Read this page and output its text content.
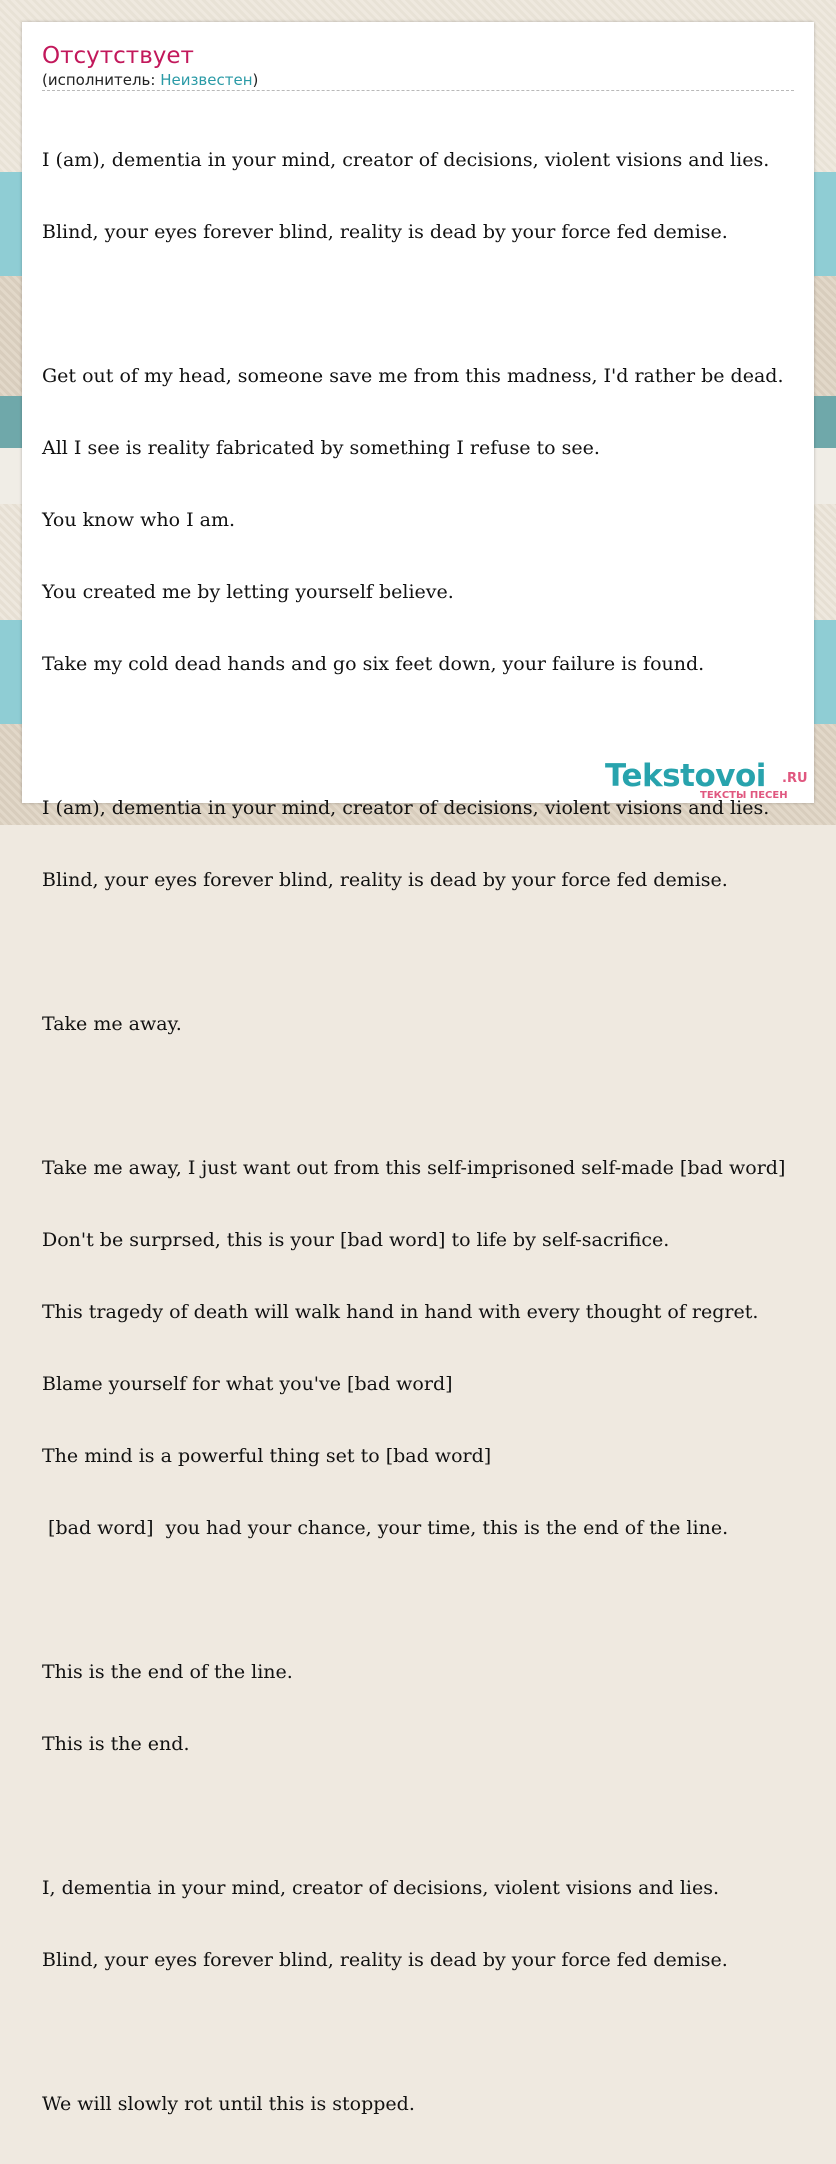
Отсутствует
(исполнитель: Неизвестен)

I (am), dementia in your mind, creator of decisions, violent visions and lies.

Blind, your eyes forever blind, reality is dead by your force fed demise.

Get out of my head, someone save me from this madness, I'd rather be dead.

All I see is reality fabricated by something I refuse to see.

You know who I am.

You created me by letting yourself believe.

Take my cold dead hands and go six feet down, your failure is found.

I (am), dementia in your mind, creator of decisions, violent visions and lies.

Blind, your eyes forever blind, reality is dead by your force fed demise.

Take me away.

Take me away, I just want out from this self-imprisoned self-made [bad word]

Don't be surprsed, this is your [bad word] to life by self-sacrifice.

This tragedy of death will walk hand in hand with every thought of regret.

Blame yourself for what you've [bad word]

The mind is a powerful thing set to [bad word]

[bad word]  you had your chance, your time, this is the end of the line.

This is the end of the line.

This is the end.

I, dementia in your mind, creator of decisions, violent visions and lies.

Blind, your eyes forever blind, reality is dead by your force fed demise.

We will slowly rot until this is stopped.

Tekstovoi .RU
ТЕКСТЫ ПЕСЕН
